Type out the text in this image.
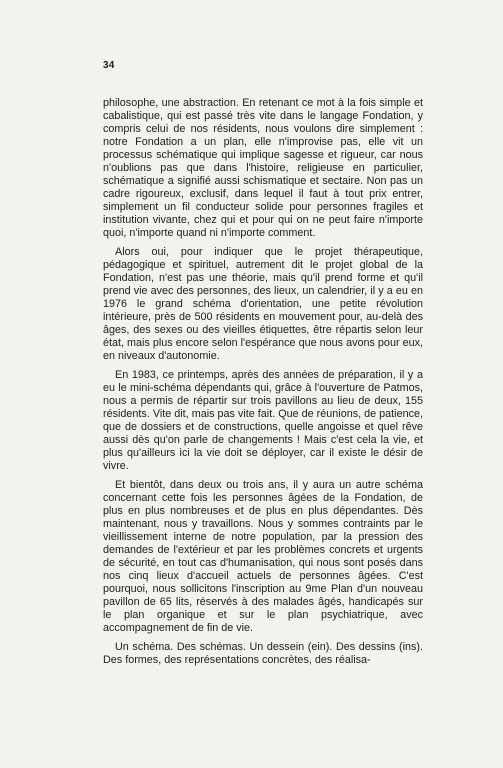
34

philosophe, une abstraction. En retenant ce mot à la fois simple et cabalistique, qui est passé très vite dans le langage Fondation, y compris celui de nos résidents, nous voulons dire simplement : notre Fondation a un plan, elle n'improvise pas, elle vit un processus schématique qui implique sagesse et rigueur, car nous n'oublions pas que dans l'histoire, religieuse en particulier, schématique a signifié aussi schismatique et sectaire. Non pas un cadre rigoureux, exclusif, dans lequel il faut à tout prix entrer, simplement un fil conducteur solide pour personnes fragiles et institution vivante, chez qui et pour qui on ne peut faire n'importe quoi, n'importe quand ni n'importe comment.

Alors oui, pour indiquer que le projet thérapeutique, pédagogique et spirituel, autrement dit le projet global de la Fondation, n'est pas une théorie, mais qu'il prend forme et qu'il prend vie avec des personnes, des lieux, un calendrier, il y a eu en 1976 le grand schéma d'orientation, une petite révolution intérieure, près de 500 résidents en mouvement pour, au-delà des âges, des sexes ou des vieilles étiquettes, être répartis selon leur état, mais plus encore selon l'espérance que nous avons pour eux, en niveaux d'autonomie.

En 1983, ce printemps, après des années de préparation, il y a eu le mini-schéma dépendants qui, grâce à l'ouverture de Patmos, nous a permis de répartir sur trois pavillons au lieu de deux, 155 résidents. Vite dit, mais pas vite fait. Que de réunions, de patience, que de dossiers et de constructions, quelle angoisse et quel rêve aussi dès qu'on parle de changements ! Mais c'est cela la vie, et plus qu'ailleurs ici la vie doit se déployer, car il existe le désir de vivre.

Et bientôt, dans deux ou trois ans, il y aura un autre schéma concernant cette fois les personnes âgées de la Fondation, de plus en plus nombreuses et de plus en plus dépendantes. Dès maintenant, nous y travaillons. Nous y sommes contraints par le vieillissement interne de notre population, par la pression des demandes de l'extérieur et par les problèmes concrets et urgents de sécurité, en tout cas d'humanisation, qui nous sont posés dans nos cinq lieux d'accueil actuels de personnes âgées. C'est pourquoi, nous sollicitons l'inscription au 9me Plan d'un nouveau pavillon de 65 lits, réservés à des malades âgés, handicapés sur le plan organique et sur le plan psychiatrique, avec accompagnement de fin de vie.

Un schéma. Des schémas. Un dessein (ein). Des dessins (ins). Des formes, des représentations concrètes, des réalisa-
